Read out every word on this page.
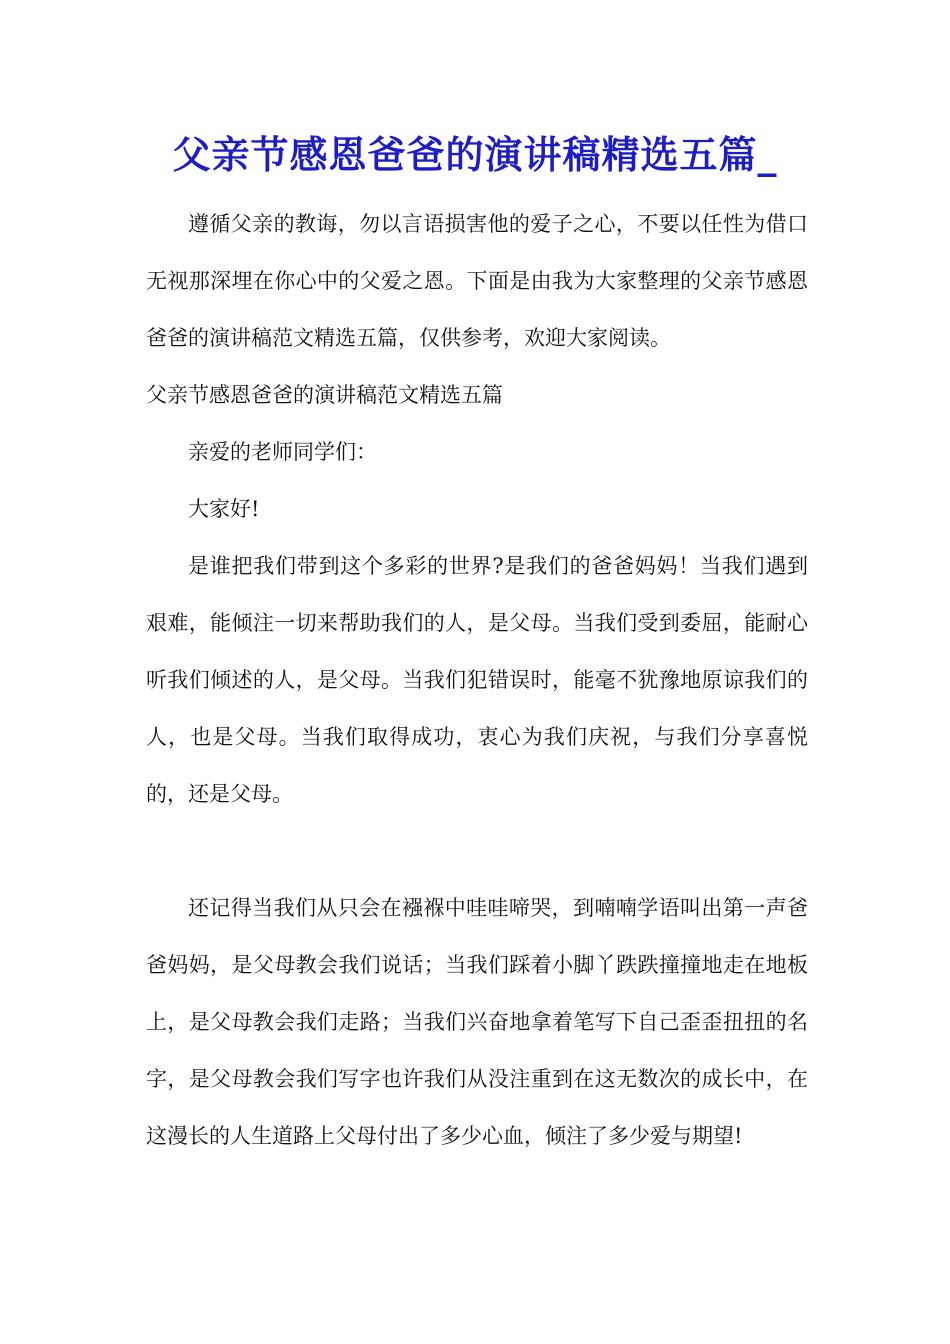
父亲节感恩爸爸的演讲稿精选五篇_

遵循父亲的教诲，勿以言语损害他的爱子之心，不要以任性为借口无视那深埋在你心中的父爱之恩。下面是由我为大家整理的父亲节感恩爸爸的演讲稿范文精选五篇，仅供参考，欢迎大家阅读。

父亲节感恩爸爸的演讲稿范文精选五篇

亲爱的老师同学们：

大家好!

是谁把我们带到这个多彩的世界?是我们的爸爸妈妈！当我们遇到艰难，能倾注一切来帮助我们的人，是父母。当我们受到委屈，能耐心听我们倾述的人，是父母。当我们犯错误时，能毫不犹豫地原谅我们的人，也是父母。当我们取得成功，衷心为我们庆祝，与我们分享喜悦的，还是父母。

还记得当我们从只会在襁褓中哇哇啼哭，到喃喃学语叫出第一声爸爸妈妈，是父母教会我们说话；当我们踩着小脚丫跌跌撞撞地走在地板上，是父母教会我们走路；当我们兴奋地拿着笔写下自己歪歪扭扭的名字，是父母教会我们写字也许我们从没注重到在这无数次的成长中，在这漫长的人生道路上父母付出了多少心血，倾注了多少爱与期望!
